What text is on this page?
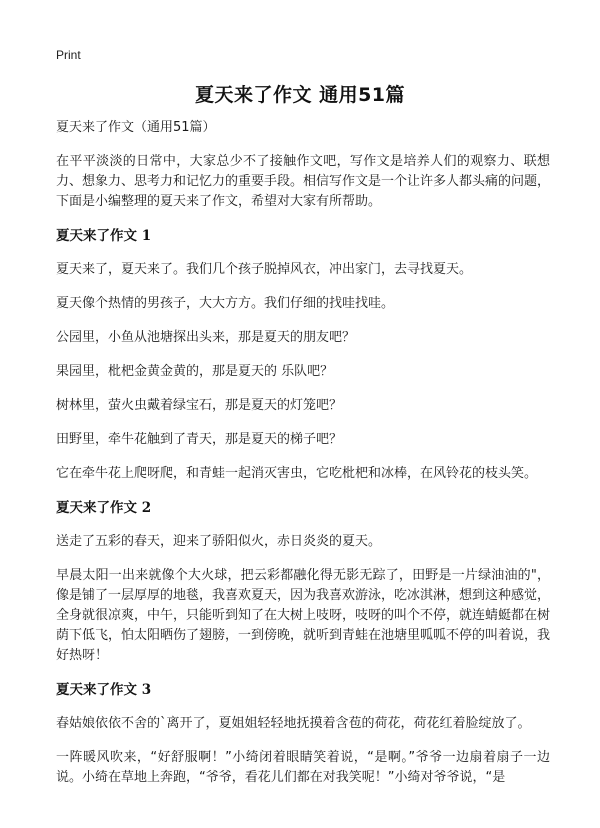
Print
夏天来了作文 通用51篇

夏天来了作文（通用51篇）

在平平淡淡的日常中，大家总少不了接触作文吧，写作文是培养人们的观察力、联想力、想象力、思考力和记忆力的重要手段。相信写作文是一个让许多人都头痛的问题，下面是小编整理的夏天来了作文，希望对大家有所帮助。

夏天来了作文 1

夏天来了，夏天来了。我们几个孩子脱掉风衣，冲出家门，去寻找夏天。

夏天像个热情的男孩子，大大方方。我们仔细的找哇找哇。

公园里，小鱼从池塘探出头来，那是夏天的朋友吧？

果园里，枇杷金黄金黄的，那是夏天的 乐队吧？

树林里，萤火虫戴着绿宝石，那是夏天的灯笼吧？

田野里，牵牛花触到了青天，那是夏天的梯子吧？

它在牵牛花上爬呀爬，和青蛙一起消灭害虫，它吃枇杷和冰棒，在风铃花的枝头笑。

夏天来了作文 2

送走了五彩的春天，迎来了骄阳似火，赤日炎炎的夏天。

早晨太阳一出来就像个大火球，把云彩都融化得无影无踪了，田野是一片绿油油的"，像是铺了一层厚厚的地毯，我喜欢夏天，因为我喜欢游泳，吃冰淇淋，想到这种感觉，全身就很凉爽，中午，只能听到知了在大树上吱呀，吱呀的叫个不停，就连蜻蜓都在树荫下低飞，怕太阳晒伤了翅膀，一到傍晚，就听到青蛙在池塘里呱呱不停的叫着说，我好热呀！

夏天来了作文 3

春姑娘依依不舍的`离开了，夏姐姐轻轻地抚摸着含苞的荷花，荷花红着脸绽放了。

一阵暖风吹来，“好舒服啊！”小绮闭着眼睛笑着说，“是啊。”爷爷一边扇着扇子一边说。小绮在草地上奔跑，“爷爷，看花儿们都在对我笑呢！”小绮对爷爷说，“是
